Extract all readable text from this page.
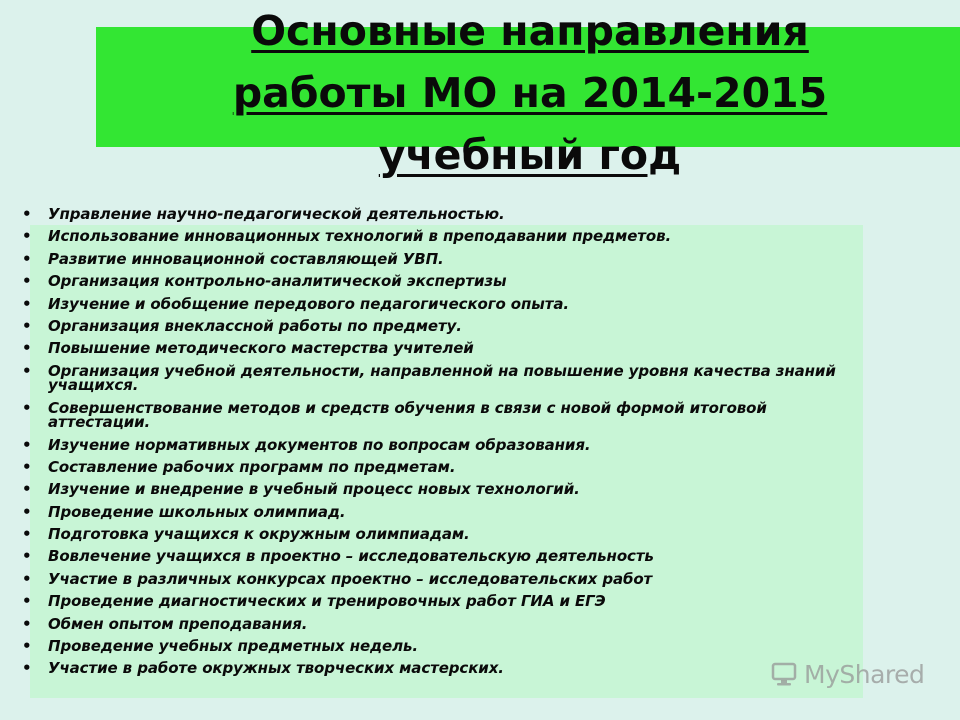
Основные направления
работы МО на 2014-2015
учебный год
• Управление научно-педагогической деятельностью.
• Использование инновационных технологий в преподавании предметов.
• Развитие инновационной составляющей УВП.
• Организация контрольно-аналитической экспертизы
• Изучение и обобщение передового педагогического опыта.
• Организация внеклассной работы по предмету.
• Повышение методического мастерства учителей
• Организация учебной деятельности, направленной на повышение уровня качества знаний учащихся.
• Совершенствование методов и средств обучения в связи с новой формой итоговой аттестации.
• Изучение нормативных документов по вопросам образования.
• Составление рабочих программ по предметам.
• Изучение и внедрение в учебный процесс новых технологий.
• Проведение школьных олимпиад.
• Подготовка учащихся к окружным олимпиадам.
• Вовлечение учащихся в проектно – исследовательскую деятельность
• Участие в различных конкурсах проектно – исследовательских работ
• Проведение диагностических и тренировочных работ ГИА и ЕГЭ
• Обмен опытом преподавания.
• Проведение учебных предметных недель.
• Участие в работе окружных творческих мастерских.	MyShared
